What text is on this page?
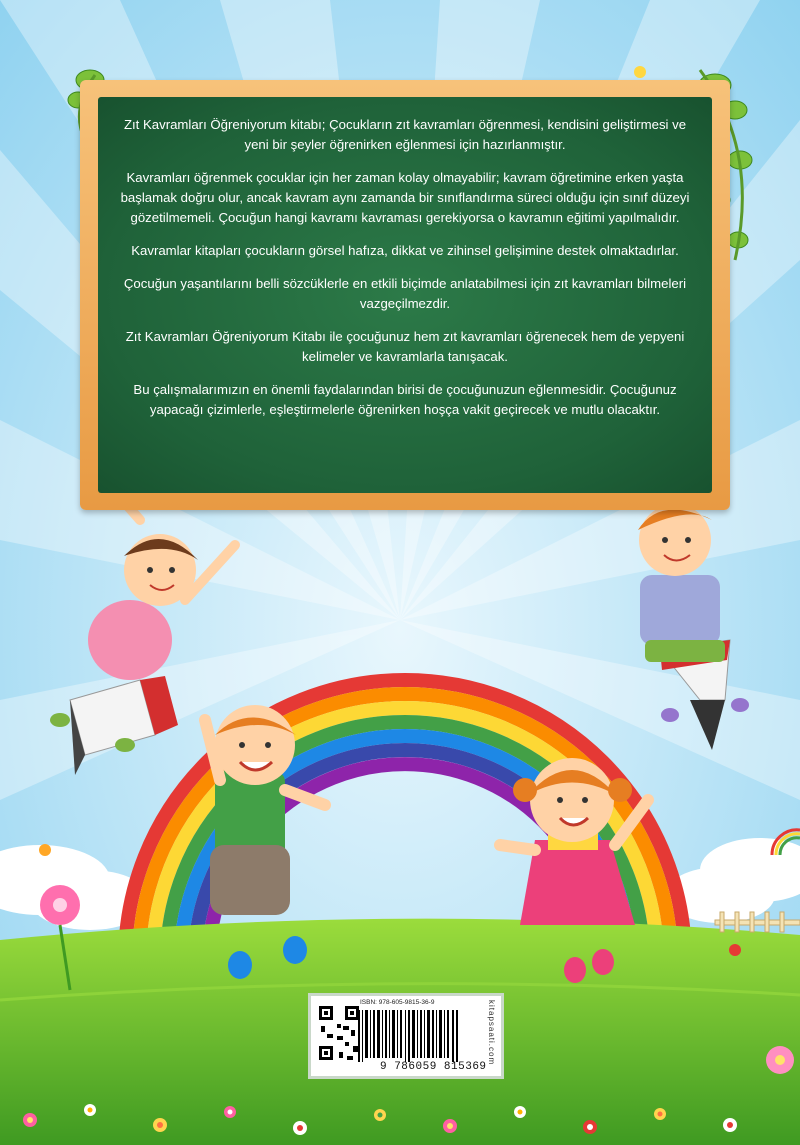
Zıt Kavramları Öğreniyorum kitabı; Çocukların zıt kavramları öğrenmesi, kendisini geliştirmesi ve yeni bir şeyler öğrenirken eğlenmesi için hazırlanmıştır.

Kavramları öğrenmek çocuklar için her zaman kolay olmayabilir; kavram öğretimine erken yaşta başlamak doğru olur, ancak kavram aynı zamanda bir sınıflandırma süreci olduğu için sınıf düzeyi gözetilmemeli. Çocuğun hangi kavramı kavraması gerekiyorsa o kavramın eğitimi yapılmalıdır.

Kavramlar kitapları çocukların görsel hafıza, dikkat ve zihinsel gelişimine destek olmaktadırlar.

Çocuğun yaşantılarını belli sözcüklerle en etkili biçimde anlatabilmesi için zıt kavramları bilmeleri vazgeçilmezdir.

Zıt Kavramları Öğreniyorum Kitabı ile çocuğunuz hem zıt kavramları öğrenecek hem de yepyeni kelimeler ve kavramlarla tanışacak.

Bu çalışmalarımızın en önemli faydalarından birisi de çocuğunuzun eğlenmesidir. Çocuğunuz yapacağı çizimlerle, eşleştirmelerle öğrenirken hoşça vakit geçirecek ve mutlu olacaktır.

ISBN: 978-605-9815-36-9
9 786059 815369
kitapsaati.com
